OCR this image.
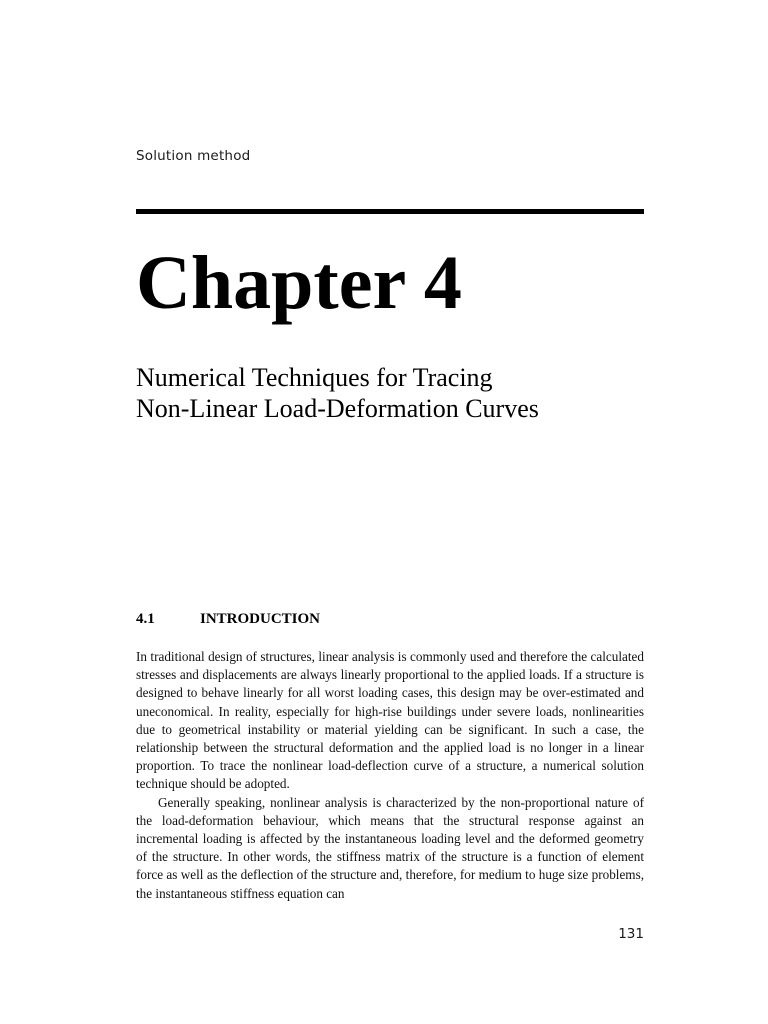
Solution method
Chapter 4
Numerical Techniques for Tracing
Non-Linear Load-Deformation Curves
4.1	INTRODUCTION

In traditional design of structures, linear analysis is commonly used and therefore the calculated stresses and displacements are always linearly proportional to the applied loads. If a structure is designed to behave linearly for all worst loading cases, this design may be over-estimated and uneconomical. In reality, especially for high-rise buildings under severe loads, nonlinearities due to geometrical instability or material yielding can be significant. In such a case, the relationship between the structural deformation and the applied load is no longer in a linear proportion. To trace the nonlinear load-deflection curve of a structure, a numerical solution technique should be adopted.

Generally speaking, nonlinear analysis is characterized by the non-proportional nature of the load-deformation behaviour, which means that the structural response against an incremental loading is affected by the instantaneous loading level and the deformed geometry of the structure. In other words, the stiffness matrix of the structure is a function of element force as well as the deflection of the structure and, therefore, for medium to huge size problems, the instantaneous stiffness equation can

131
